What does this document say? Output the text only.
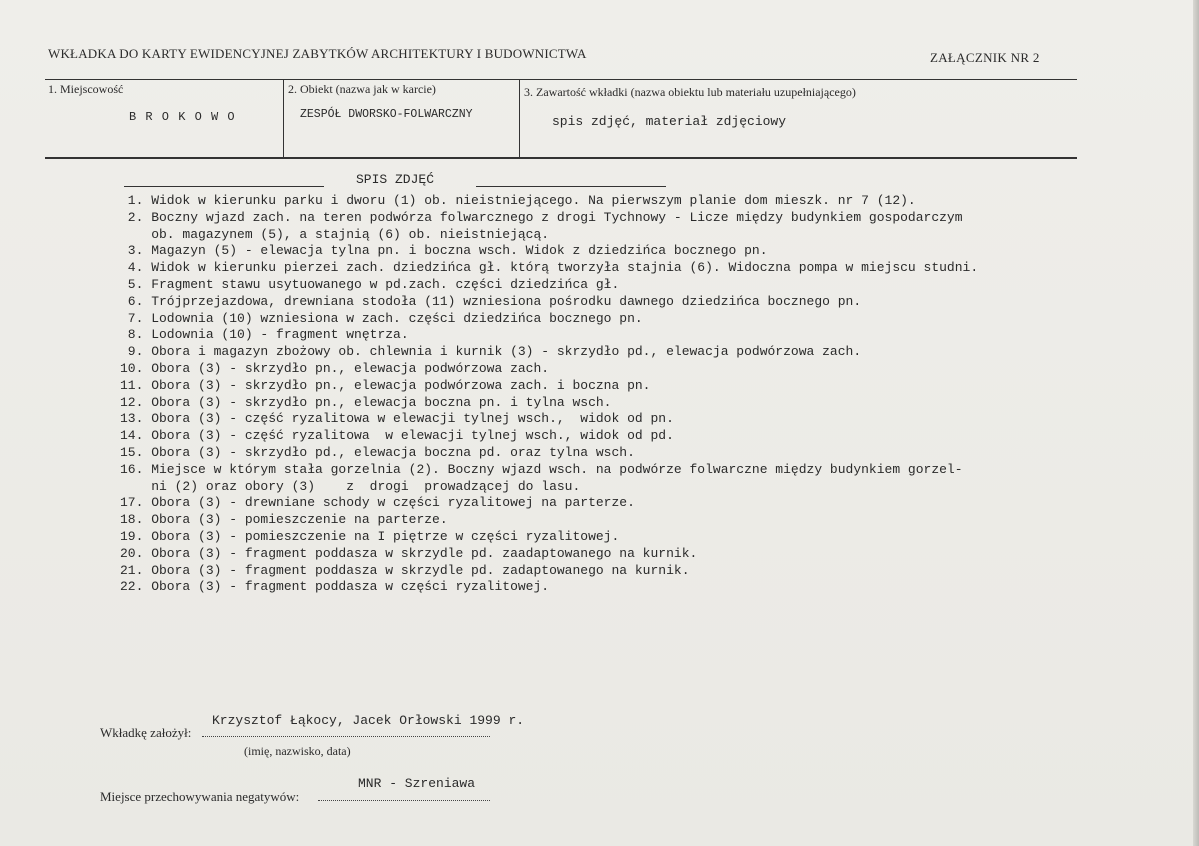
WKŁADKA DO KARTY EWIDENCYJNEJ ZABYTKÓW ARCHITEKTURY I BUDOWNICTWA	ZAŁĄCZNIK NR 2
1. Miejscowość
B R O K O W O
2. Obiekt (nazwa jak w karcie)
ZESPÓŁ DWORSKO-FOLWARCZNY
3. Zawartość wkładki (nazwa obiektu lub materiału uzupełniającego)
spis zdjęć, materiał zdjęciowy
SPIS ZDJĘĆ
1. Widok w kierunku parku i dworu (1) ob. nieistniejącego. Na pierwszym planie dom mieszk. nr 7 (12).
2. Boczny wjazd zach. na teren podwórza folwarcznego z drogi Tychnowy - Licze między budynkiem gospodarczym
ob. magazynem (5), a stajnią (6) ob. nieistniejącą.
3. Magazyn (5) - elewacja tylna pn. i boczna wsch. Widok z dziedzińca bocznego pn.
4. Widok w kierunku pierzei zach. dziedzińca gł. którą tworzyła stajnia (6). Widoczna pompa w miejscu studni.
5. Fragment stawu usytuowanego w pd.zach. części dziedzińca gł.
6. Trójprzejazdowa, drewniana stodoła (11) wzniesiona pośrodku dawnego dziedzińca bocznego pn.
7. Lodownia (10) wzniesiona w zach. części dziedzińca bocznego pn.
8. Lodownia (10) - fragment wnętrza.
9. Obora i magazyn zbożowy ob. chlewnia i kurnik (3) - skrzydło pd., elewacja podwórzowa zach.
10. Obora (3) - skrzydło pn., elewacja podwórzowa zach.
11. Obora (3) - skrzydło pn., elewacja podwórzowa zach. i boczna pn.
12. Obora (3) - skrzydło pn., elewacja boczna pn. i tylna wsch.
13. Obora (3) - część ryzalitowa w elewacji tylnej wsch.,  widok od pn.
14. Obora (3) - część ryzalitowa  w elewacji tylnej wsch., widok od pd.
15. Obora (3) - skrzydło pd., elewacja boczna pd. oraz tylna wsch.
16. Miejsce w którym stała gorzelnia (2). Boczny wjazd wsch. na podwórze folwarczne między budynkiem gorzel-
ni (2) oraz obory (3)    z  drogi  prowadzącej do lasu.
17. Obora (3) - drewniane schody w części ryzalitowej na parterze.
18. Obora (3) - pomieszczenie na parterze.
19. Obora (3) - pomieszczenie na I piętrze w części ryzalitowej.
20. Obora (3) - fragment poddasza w skrzydle pd. zaadaptowanego na kurnik.
21. Obora (3) - fragment poddasza w skrzydle pd. zadaptowanego na kurnik.
22. Obora (3) - fragment poddasza w części ryzalitowej.
Krzysztof Łąkocy, Jacek Orłowski 1999 r.
Wkładkę założył:
(imię, nazwisko, data)
MNR - Szreniawa
Miejsce przechowywania negatywów:
